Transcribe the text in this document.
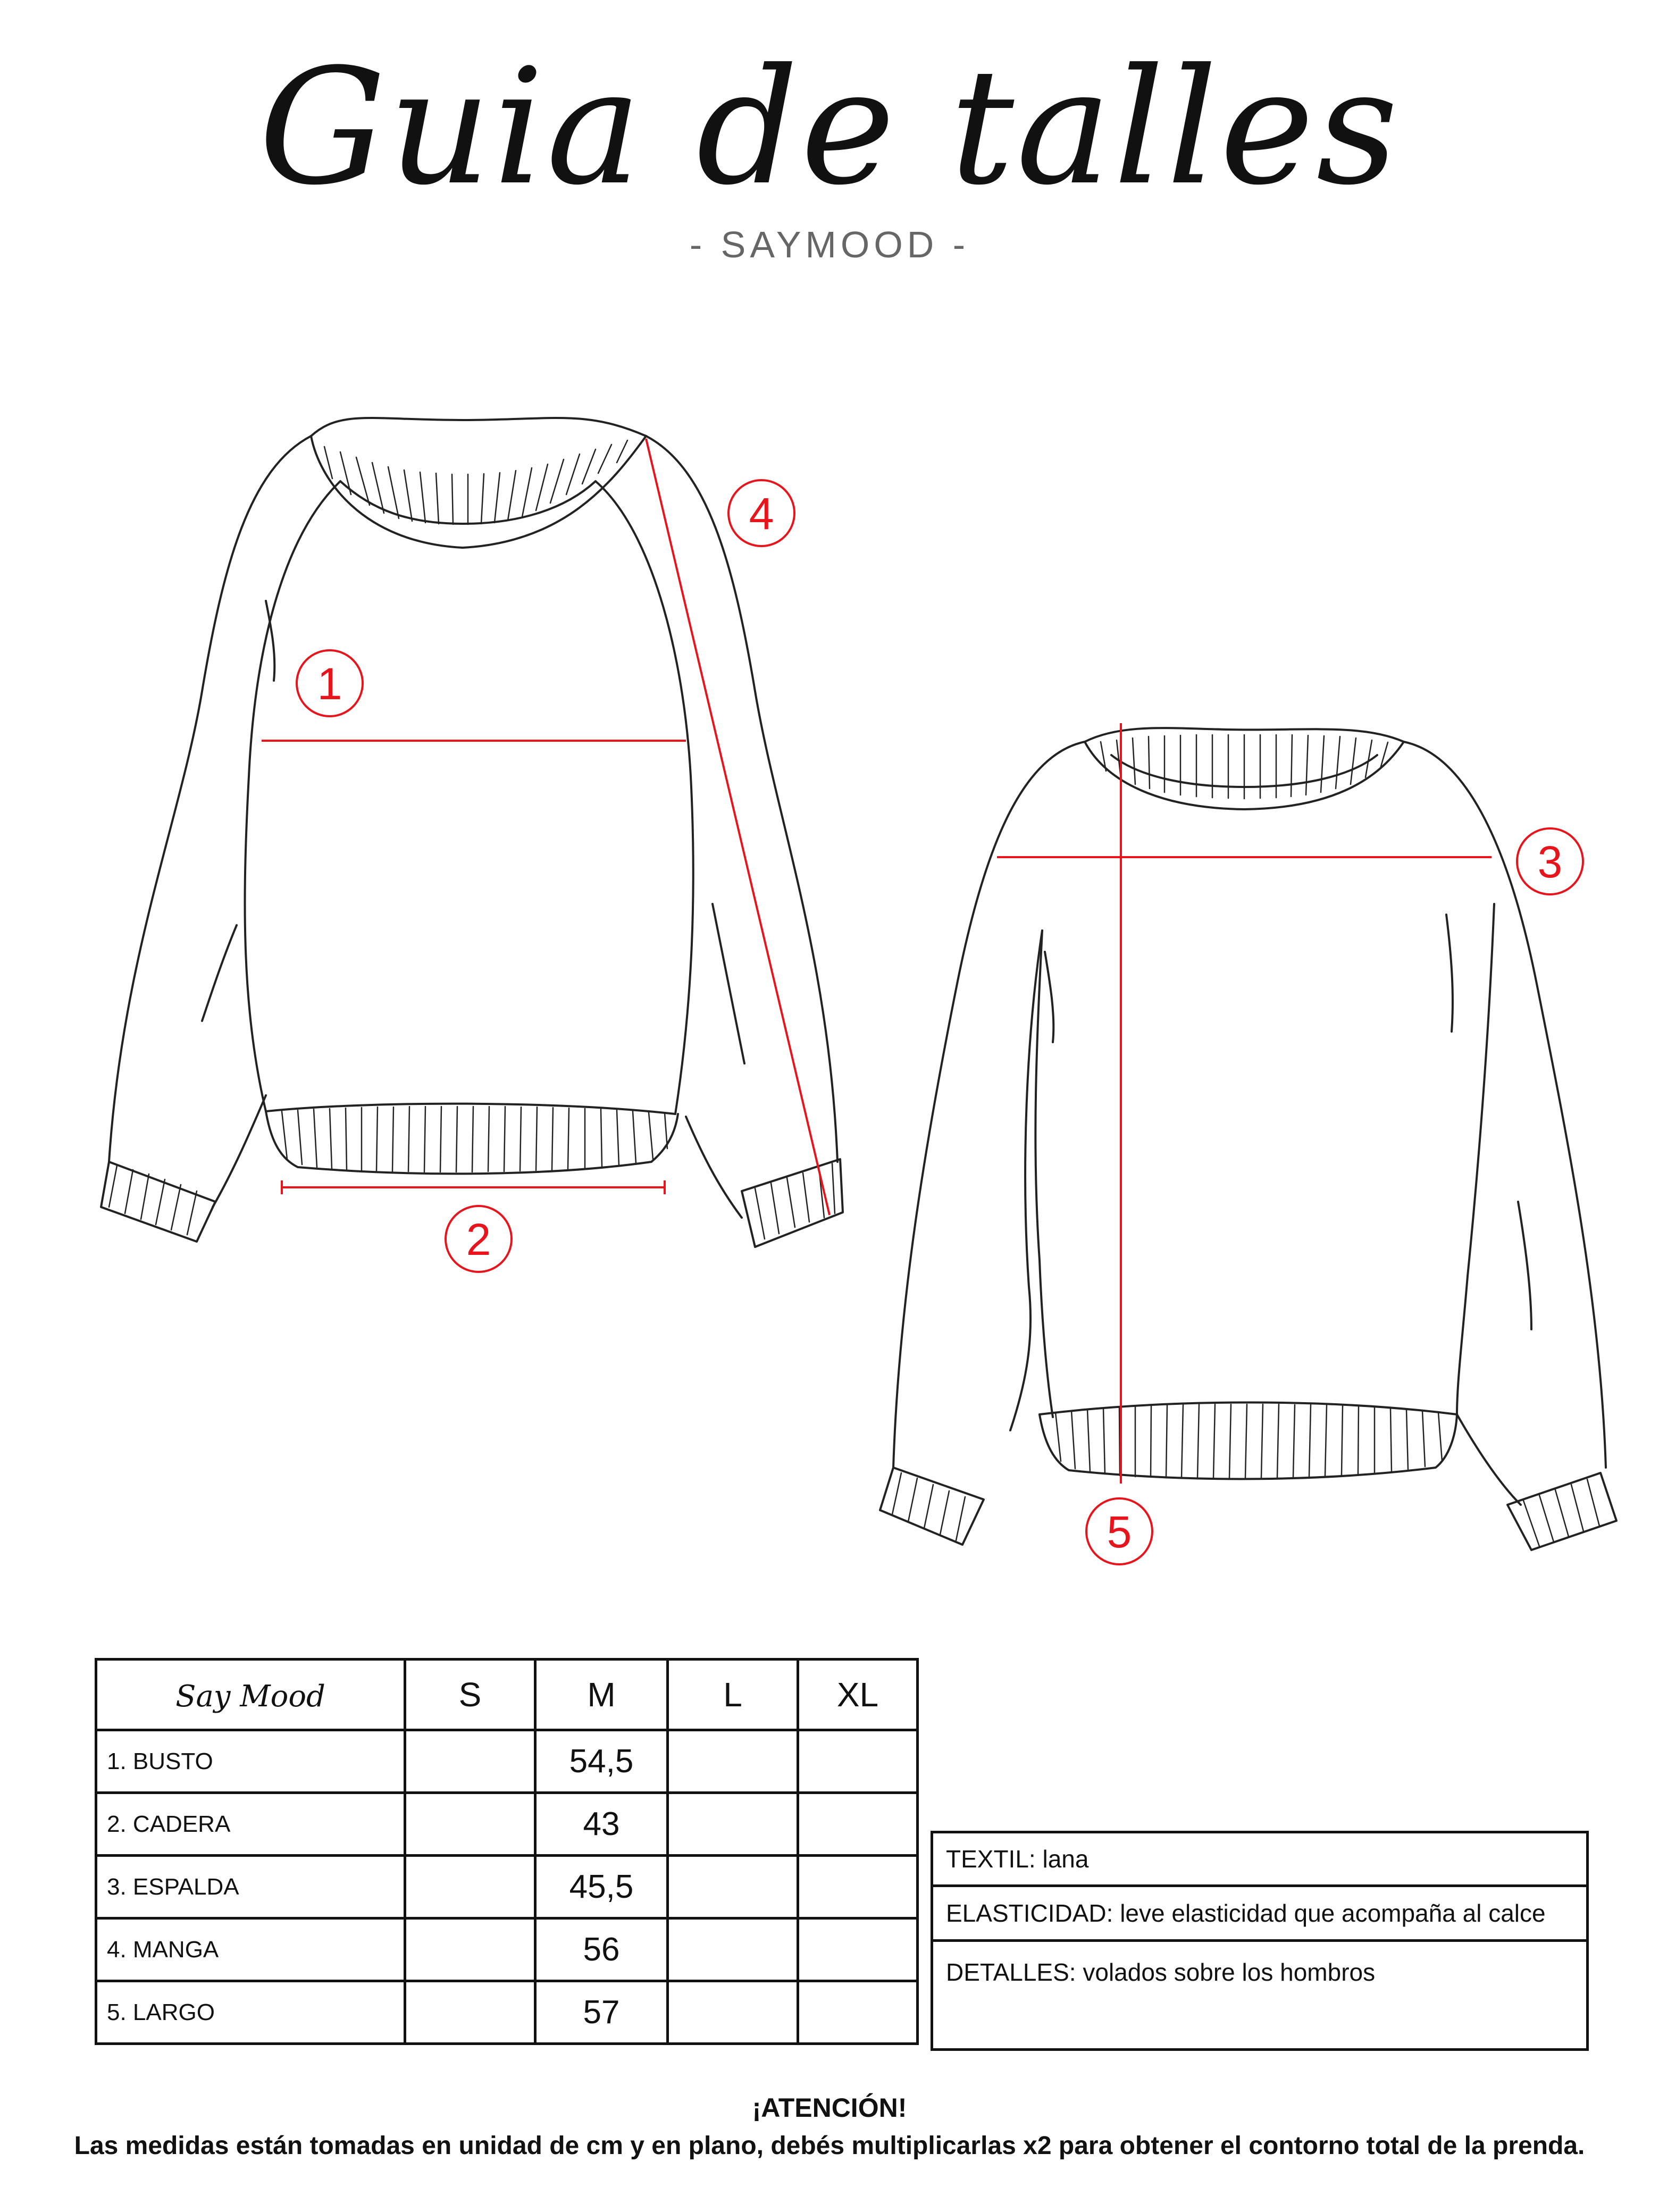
Guia de talles
- SAYMOOD -
1
2
3
4
5
Say Mood	S	M	L	XL
1. BUSTO		54,5		
2. CADERA		43		
3. ESPALDA		45,5		
4. MANGA		56		
5. LARGO		57		
TEXTIL: lana
ELASTICIDAD: leve elasticidad que acompaña al calce
DETALLES: volados sobre los hombros
¡ATENCIÓN!
Las medidas están tomadas en unidad de cm y en plano, debés multiplicarlas x2 para obtener el contorno total de la prenda.
